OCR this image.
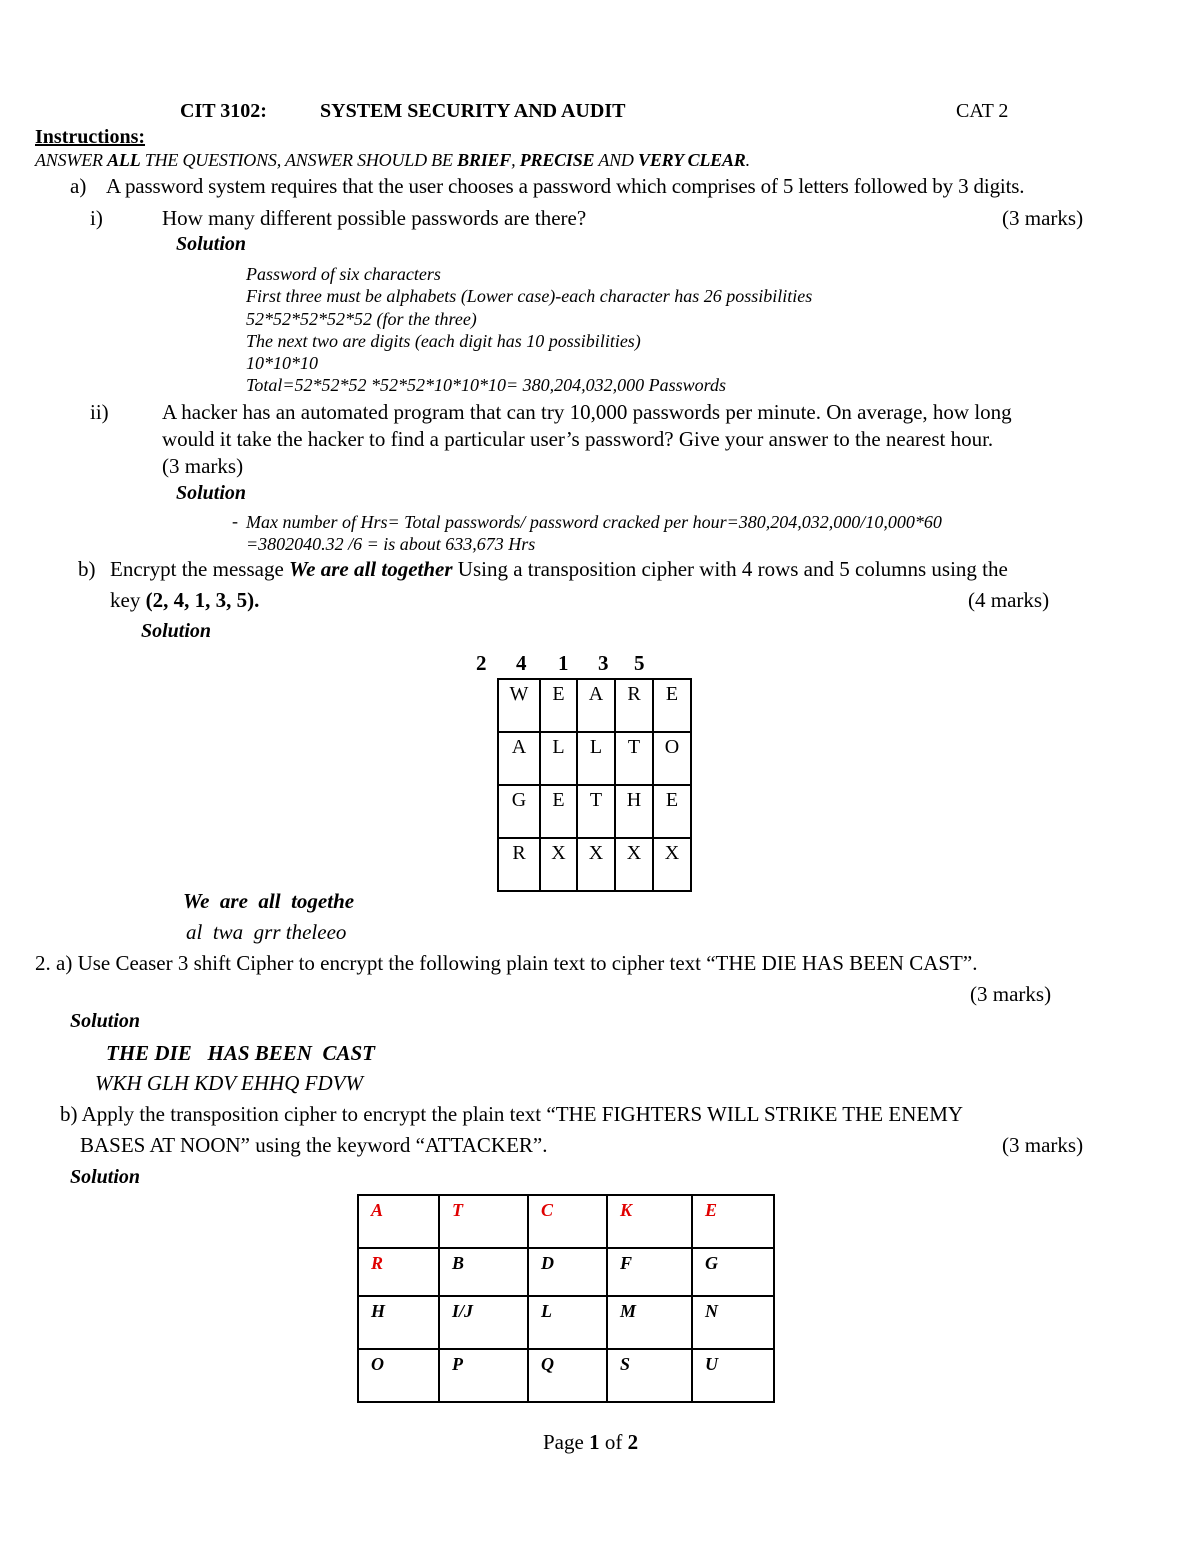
CIT 3102:	SYSTEM SECURITY AND AUDIT	CAT 2
Instructions:
ANSWER ALL THE QUESTIONS, ANSWER SHOULD BE BRIEF, PRECISE AND VERY CLEAR.
a) A password system requires that the user chooses a password which comprises of 5 letters followed by 3 digits.
i)	How many different possible passwords are there?	(3 marks)
Solution
Password of six characters
First three must be alphabets (Lower case)-each character has 26 possibilities
52*52*52*52*52 (for the three)
The next two are digits (each digit has 10 possibilities)
10*10*10
Total=52*52*52 *52*52*10*10*10= 380,204,032,000 Passwords
ii)	A hacker has an automated program that can try 10,000 passwords per minute. On average, how long
would it take the hacker to find a particular user’s password? Give your answer to the nearest hour.
(3 marks)
Solution
- Max number of Hrs= Total passwords/ password cracked per hour=380,204,032,000/10,000*60
=3802040.32 /6 = is about 633,673 Hrs
b) Encrypt the message We are all together Using a transposition cipher with 4 rows and 5 columns using the
key (2, 4, 1, 3, 5).	(4 marks)
Solution
2 4 1 3 5
W	E	A	R	E
A	L	L	T	O
G	E	T	H	E
R	X	X	X	X
We  are  all  togethe
al  twa  grr theleeo
2. a) Use Ceaser 3 shift Cipher to encrypt the following plain text to cipher text “THE DIE HAS BEEN CAST”.
(3 marks)
Solution
THE DIE   HAS BEEN  CAST
WKH GLH KDV EHHQ FDVW
b) Apply the transposition cipher to encrypt the plain text “THE FIGHTERS WILL STRIKE THE ENEMY
BASES AT NOON” using the keyword “ATTACKER”.	(3 marks)
Solution
A	T	C	K	E
R	B	D	F	G
H	I/J	L	M	N
O	P	Q	S	U
Page 1 of 2
